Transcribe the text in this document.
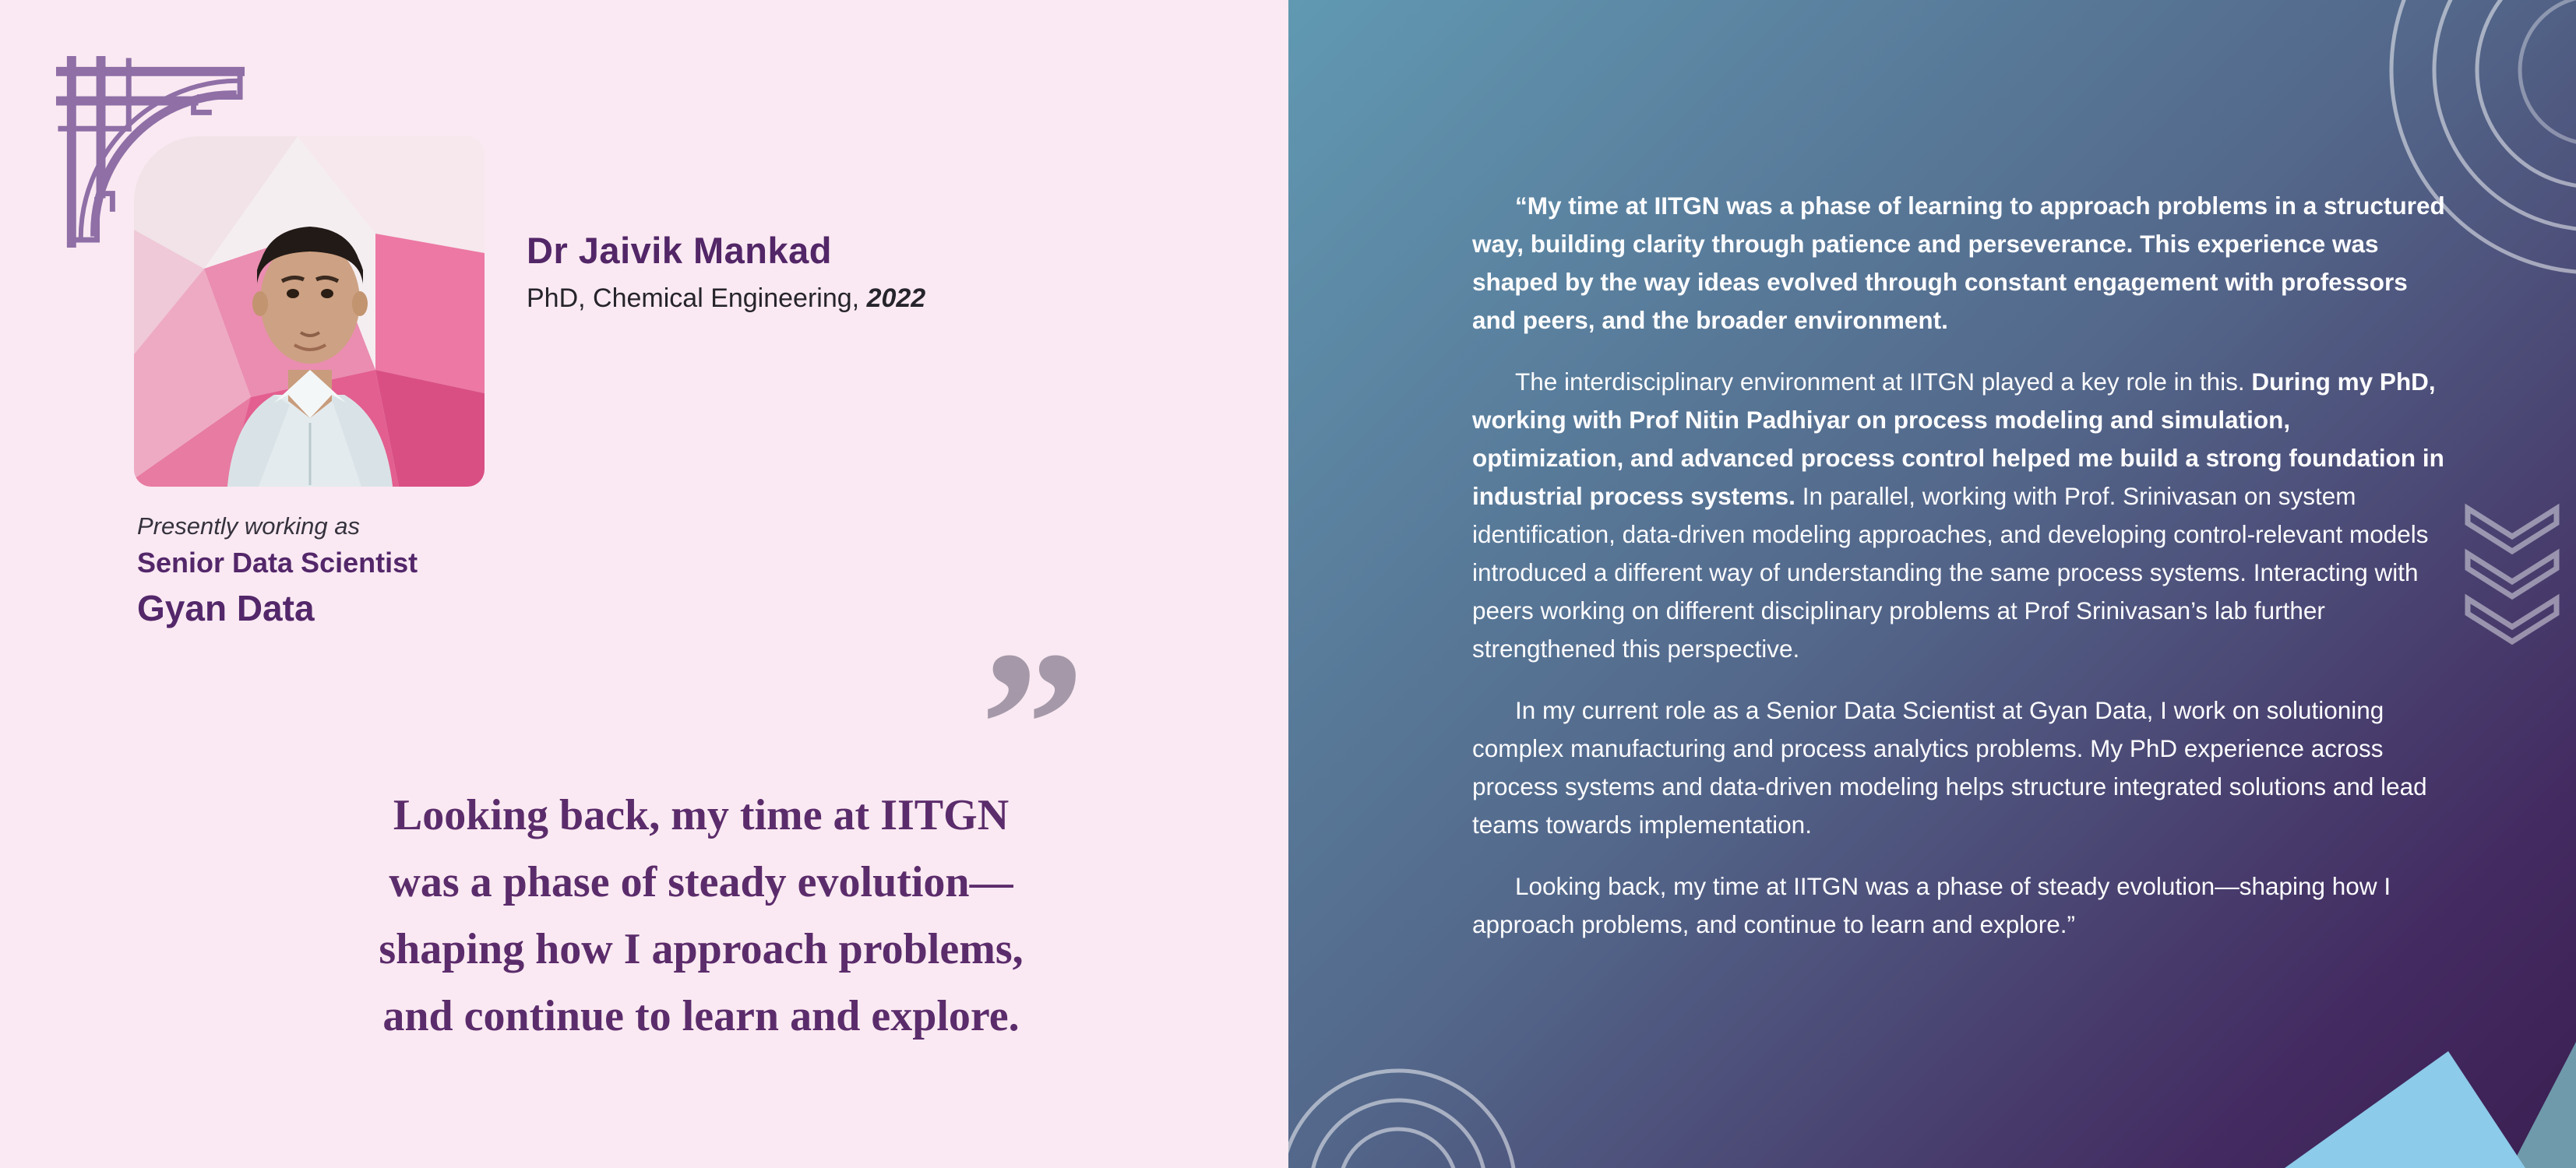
Dr Jaivik Mankad

PhD, Chemical Engineering, 2022

Presently working as
Senior Data Scientist
Gyan Data	”
Looking back, my time at IITGN
was a phase of steady evolution—
shaping how I approach problems,
and continue to learn and explore.

“My time at IITGN was a phase of learning to approach problems in a structured way, building clarity through patience and perseverance. This experience was shaped by the way ideas evolved through constant engagement with professors and peers, and the broader environment.

The interdisciplinary environment at IITGN played a key role in this. During my PhD, working with Prof Nitin Padhiyar on process modeling and simulation, optimization, and advanced process control helped me build a strong foundation in industrial process systems. In parallel, working with Prof. Srinivasan on system identification, data-driven modeling approaches, and developing control-relevant models introduced a different way of understanding the same process systems. Interacting with peers working on different disciplinary problems at Prof Srinivasan’s lab further strengthened this perspective.

In my current role as a Senior Data Scientist at Gyan Data, I work on solutioning complex manufacturing and process analytics problems. My PhD experience across process systems and data-driven modeling helps structure integrated solutions and lead teams towards implementation.

Looking back, my time at IITGN was a phase of steady evolution—shaping how I approach problems, and continue to learn and explore.”
